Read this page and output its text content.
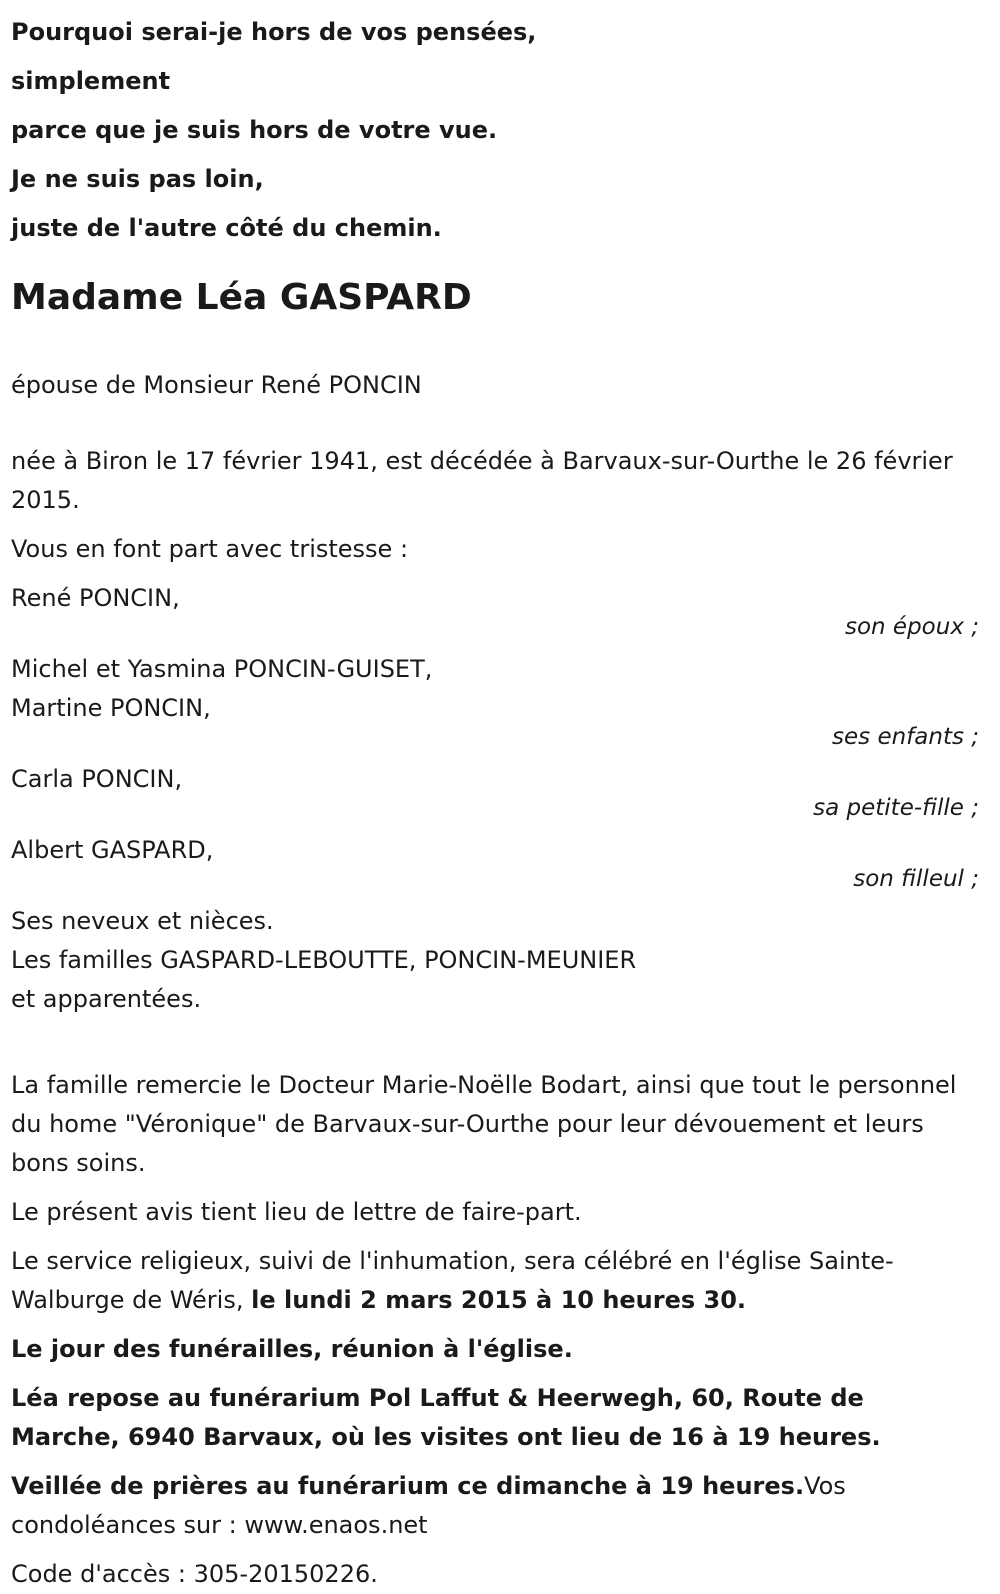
Pourquoi serai-je hors de vos pensées,
simplement
parce que je suis hors de votre vue.
Je ne suis pas loin,
juste de l'autre côté du chemin.
Madame Léa GASPARD

épouse de Monsieur René PONCIN

née à Biron le 17 février 1941, est décédée à Barvaux-sur-Ourthe le 26 février 2015.

Vous en font part avec tristesse :

René PONCIN,
son époux ;
Michel et Yasmina PONCIN-GUISET,
Martine PONCIN,
ses enfants ;
Carla PONCIN,
sa petite-fille ;
Albert GASPARD,
son filleul ;
Ses neveux et nièces.
Les familles GASPARD-LEBOUTTE, PONCIN-MEUNIER
et apparentées.

La famille remercie le Docteur Marie-Noëlle Bodart, ainsi que tout le personnel du home "Véronique" de Barvaux-sur-Ourthe pour leur dévouement et leurs bons soins.

Le présent avis tient lieu de lettre de faire-part.

Le service religieux, suivi de l'inhumation, sera célébré en l'église Sainte-Walburge de Wéris, le lundi 2 mars 2015 à 10 heures 30.

Le jour des funérailles, réunion à l'église.

Léa repose au funérarium Pol Laffut & Heerwegh, 60, Route de Marche, 6940 Barvaux, où les visites ont lieu de 16 à 19 heures.

Veillée de prières au funérarium ce dimanche à 19 heures.Vos condoléances sur : www.enaos.net

Code d'accès : 305-20150226.
